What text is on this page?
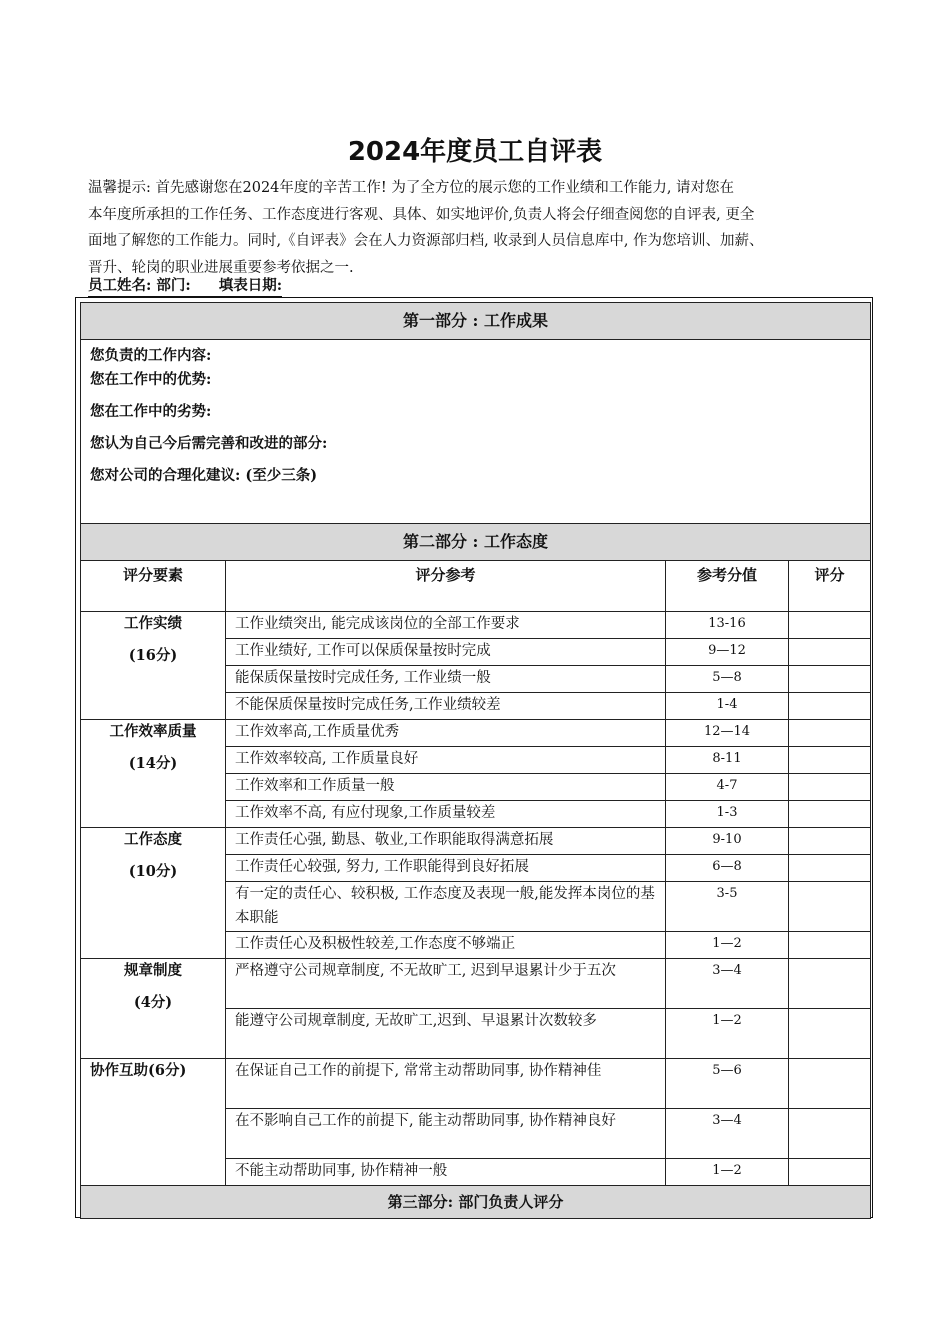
2024年度员工自评表
温馨提示: 首先感谢您在2024年度的辛苦工作! 为了全方位的展示您的工作业绩和工作能力, 请对您在
本年度所承担的工作任务、工作态度进行客观、具体、如实地评价,负责人将会仔细查阅您的自评表, 更全
面地了解您的工作能力。同时,《自评表》会在人力资源部归档, 收录到人员信息库中, 作为您培训、加薪、
晋升、轮岗的职业进展重要参考依据之一.
员工姓名: 部门: 填表日期:
第一部分 : 工作成果			

您负责的工作内容:
您在工作中的优势:
您在工作中的劣势:
您认为自己今后需完善和改进的部分:
您对公司的合理化建议: (至少三条)			

第二部分 : 工作态度			
评分要素	评分参考	参考分值	评分

工作实绩
(16分)	工作业绩突出, 能完成该岗位的全部工作要求	13-16	
	工作业绩好, 工作可以保质保量按时完成	9—12	
	能保质保量按时完成任务, 工作业绩一般	5—8	
	不能保质保量按时完成任务,工作业绩较差	1-4	

工作效率质量
(14分)	工作效率高,工作质量优秀	12—14	
	工作效率较高, 工作质量良好	8-11	
	工作效率和工作质量一般	4-7	
	工作效率不高, 有应付现象,工作质量较差	1-3	

工作态度
(10分)	工作责任心强, 勤恳、敬业,工作职能取得满意拓展	9-10	
	工作责任心较强, 努力, 工作职能得到良好拓展	6—8	
	有一定的责任心、较积极, 工作态度及表现一般,能发挥本岗位的基本职能	3-5	
	工作责任心及积极性较差,工作态度不够端正	1—2	

规章制度
(4分)	严格遵守公司规章制度, 不无故旷工, 迟到早退累计少于五次	3—4	
	能遵守公司规章制度, 无故旷工,迟到、早退累计次数较多	1—2	

协作互助(6分)	在保证自己工作的前提下, 常常主动帮助同事, 协作精神佳	5—6	
	在不影响自己工作的前提下, 能主动帮助同事, 协作精神良好	3—4	
	不能主动帮助同事, 协作精神一般	1—2	
第三部分: 部门负责人评分			
